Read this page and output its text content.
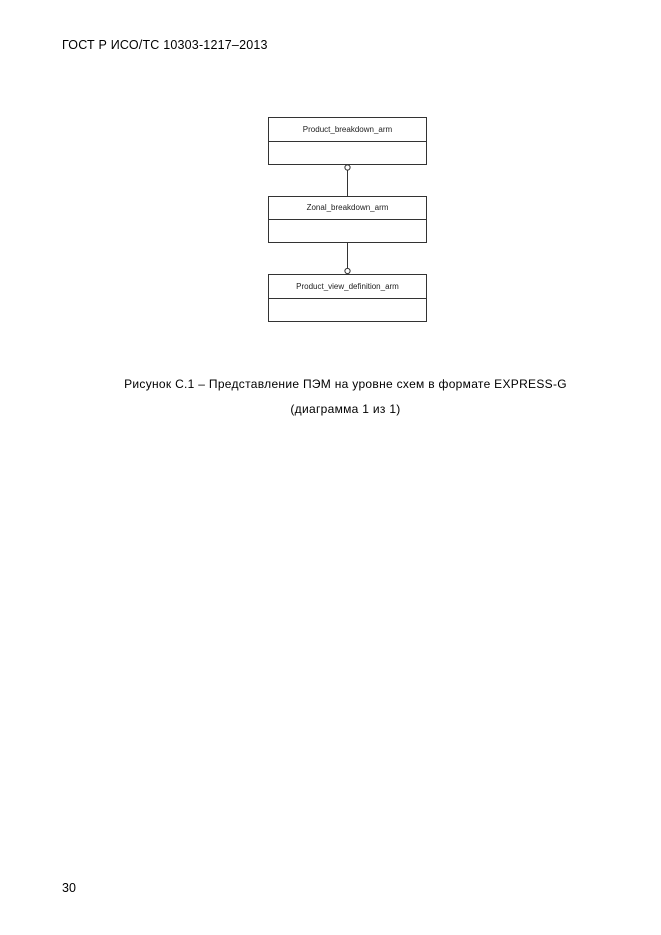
ГОСТ Р ИСО/ТС 10303-1217–2013
Product_breakdown_arm
Zonal_breakdown_arm
Product_view_definition_arm
Рисунок С.1 – Представление ПЭМ на уровне схем в формате EXPRESS-G
(диаграмма 1 из 1)
30
